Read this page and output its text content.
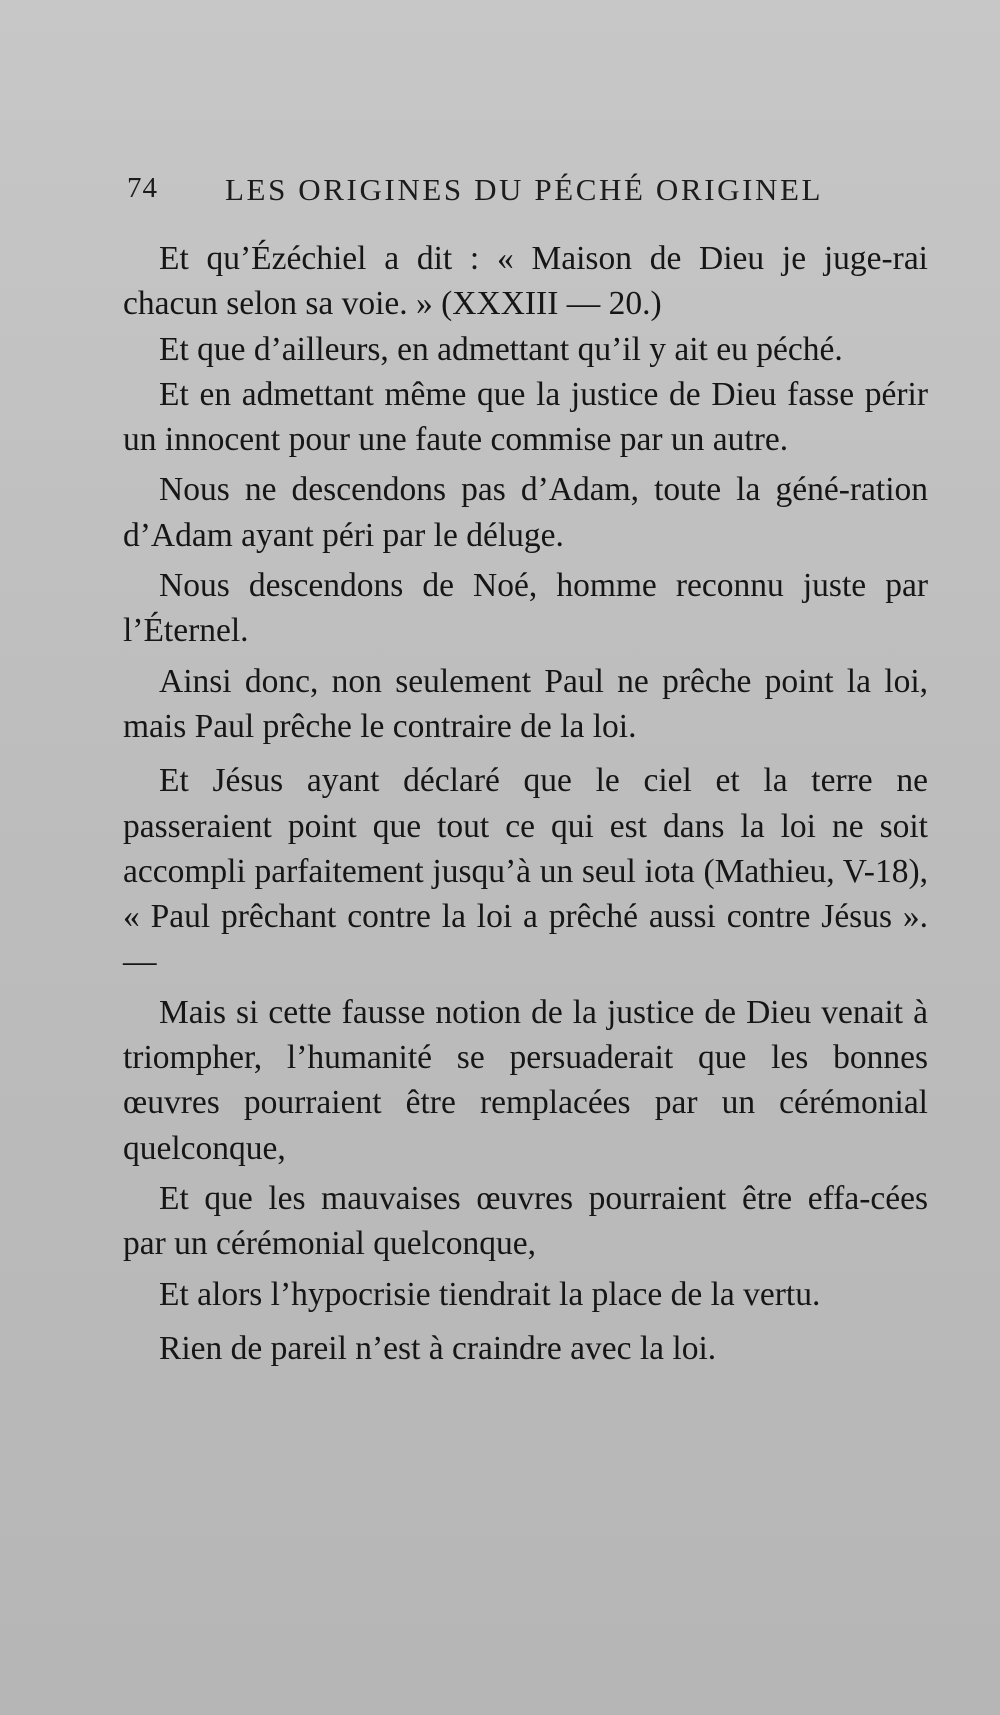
74 LES ORIGINES DU PÉCHÉ ORIGINEL

Et qu’Ézéchiel a dit : « Maison de Dieu je juge-rai chacun selon sa voie. » (XXXIII — 20.)

Et que d’ailleurs, en admettant qu’il y ait eu péché.

Et en admettant même que la justice de Dieu fasse périr un innocent pour une faute commise par un autre.

Nous ne descendons pas d’Adam, toute la géné-ration d’Adam ayant péri par le déluge.

Nous descendons de Noé, homme reconnu juste par l’Éternel.

Ainsi donc, non seulement Paul ne prêche point la loi, mais Paul prêche le contraire de la loi.

Et Jésus ayant déclaré que le ciel et la terre ne passeraient point que tout ce qui est dans la loi ne soit accompli parfaitement jusqu’à un seul iota (Mathieu, V-18), « Paul prêchant contre la loi a prêché aussi contre Jésus ». —

Mais si cette fausse notion de la justice de Dieu venait à triompher, l’humanité se persuaderait que les bonnes œuvres pourraient être remplacées par un cérémonial quelconque,

Et que les mauvaises œuvres pourraient être effa-cées par un cérémonial quelconque,

Et alors l’hypocrisie tiendrait la place de la vertu.

Rien de pareil n’est à craindre avec la loi.
